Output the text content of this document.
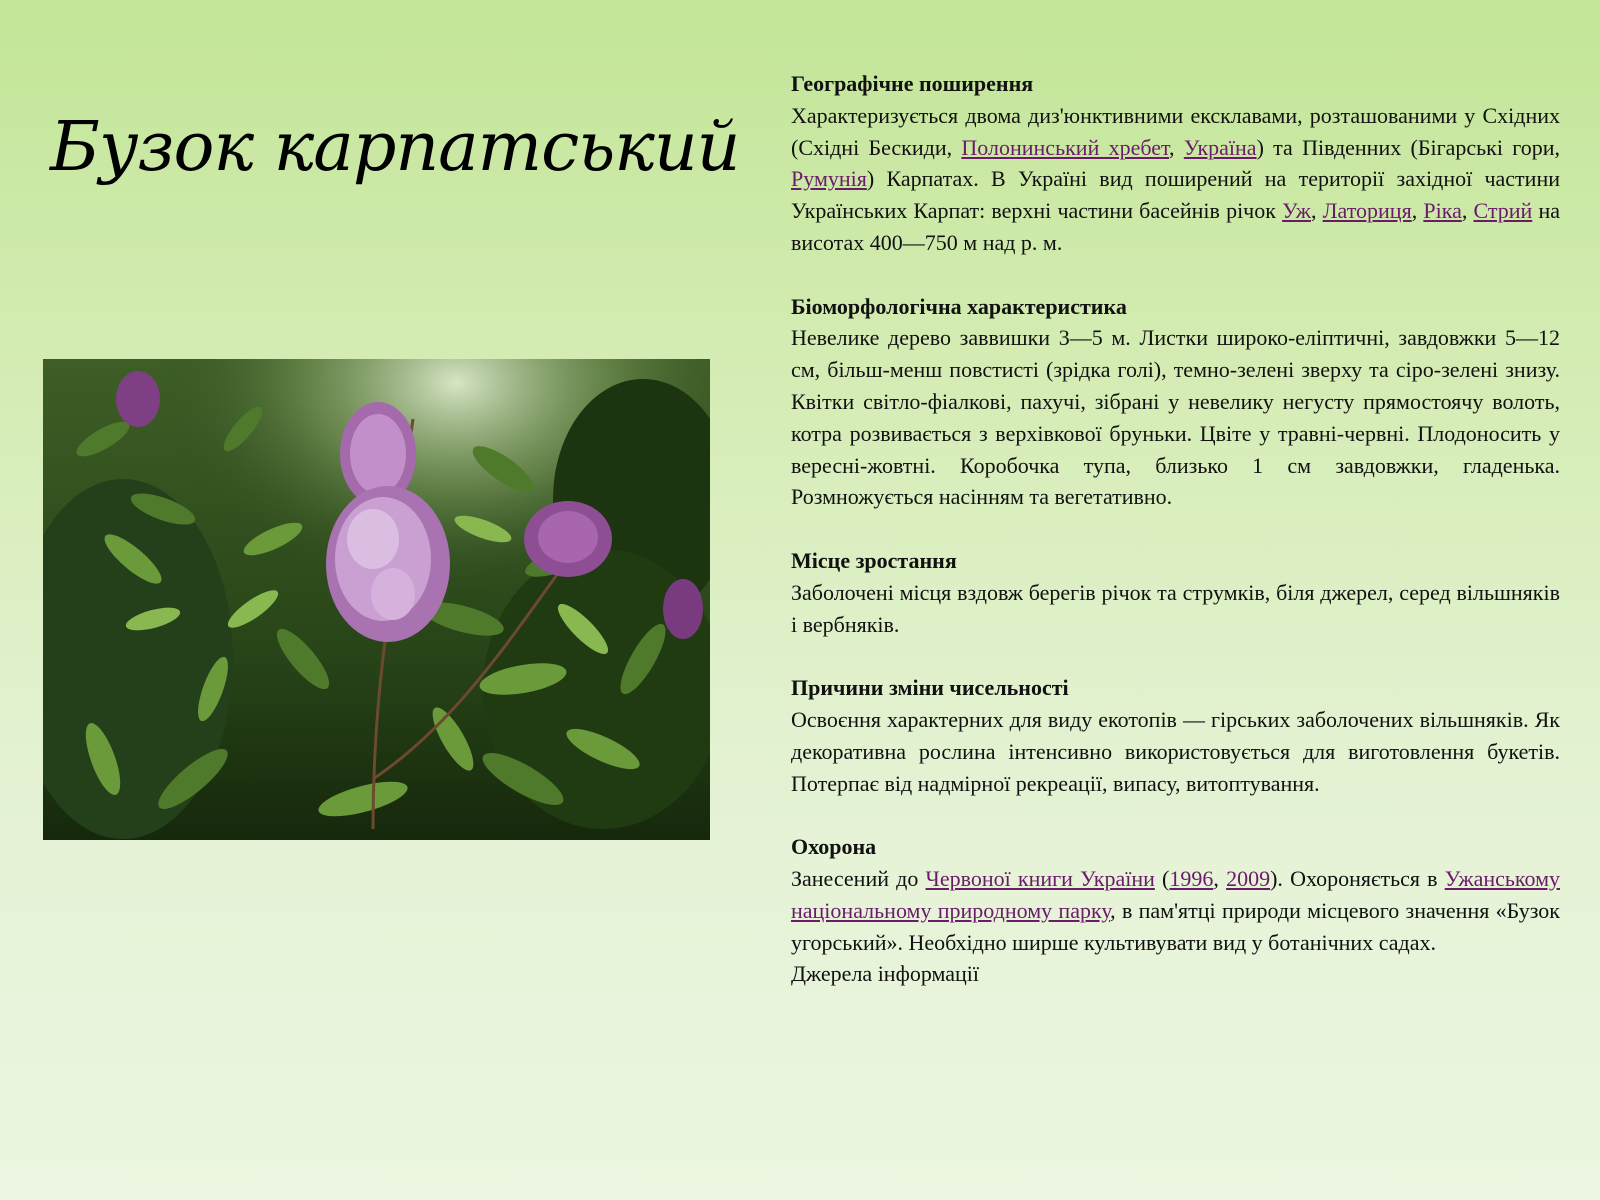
Бузок карпатський
Географічне поширення
Характеризується двома диз'юнктивними ексклавами, розташованими у Східних (Східні Бескиди, Полонинський хребет, Україна) та Південних (Бігарські гори, Румунія) Карпатах. В Україні вид поширений на території західної частини Українських Карпат: верхні частини басейнів річок Уж, Латориця, Ріка, Стрий на висотах 400—750 м над р. м.
Біоморфологічна характеристика
Невелике дерево заввишки 3—5 м. Листки широко-еліптичні, завдовжки 5—12 см, більш-менш повстисті (зрідка голі), темно-зелені зверху та сіро-зелені знизу. Квітки світло-фіалкові, пахучі, зібрані у невелику негусту прямостоячу волоть, котра розвивається з верхівкової бруньки. Цвіте у травні-червні. Плодоносить у вересні-жовтні. Коробочка тупа, близько 1 см завдовжки, гладенька. Розмножується насінням та вегетативно.
Місце зростання
Заболочені місця вздовж берегів річок та струмків, біля джерел, серед вільшняків і вербняків.
Причини зміни чисельності
Освоєння характерних для виду екотопів — гірських заболочених вільшняків. Як декоративна рослина інтенсивно використовується для виготовлення букетів. Потерпає від надмірної рекреації, випасу, витоптування.
Охорона
Занесений до Червоної книги України (1996, 2009). Охороняється в Ужанському національному природному парку, в пам'ятці природи місцевого значення «Бузок угорський». Необхідно ширше культивувати вид у ботанічних садах.
Джерела інформації
